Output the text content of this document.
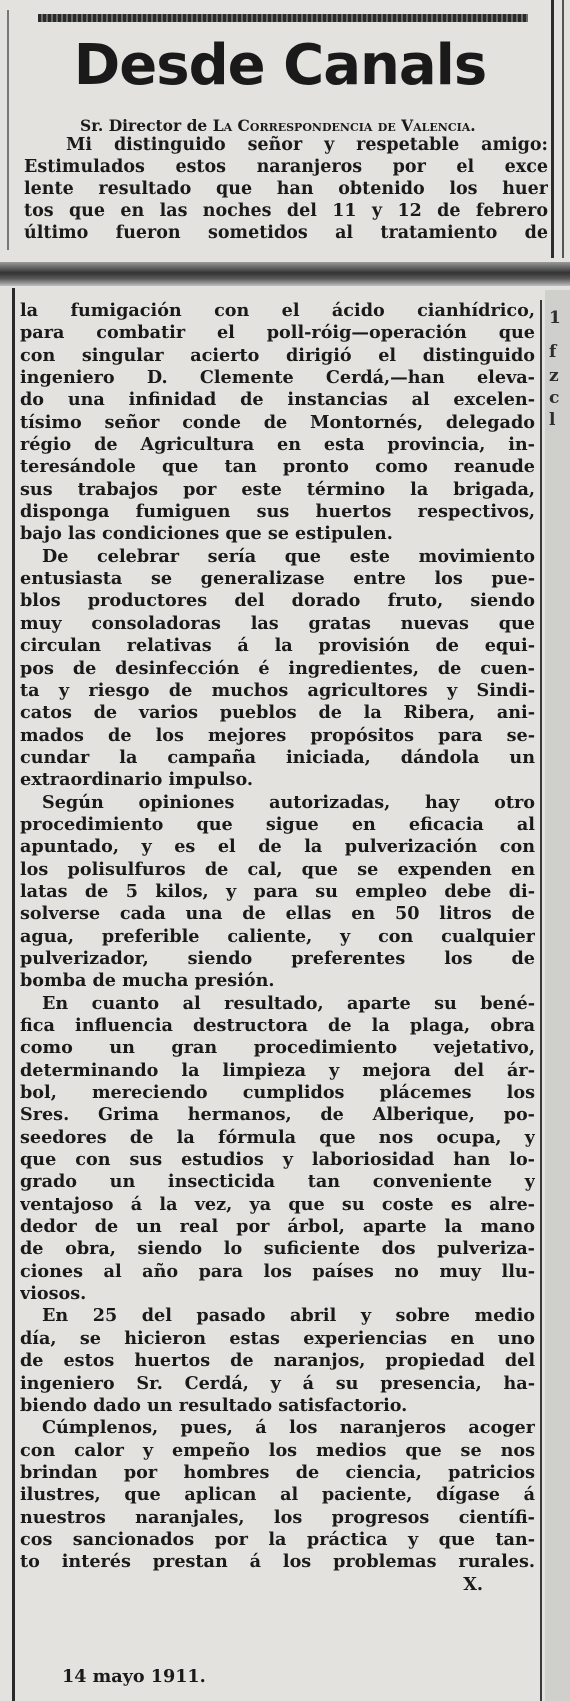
Desde Canals
Sr. Director de La Correspondencia de Valencia.
Mi distinguido señor y respetable amigo:
Estimulados estos naranjeros por el exce
lente resultado que han obtenido los huer
tos que en las noches del 11 y 12 de febrero
último fueron sometidos al tratamiento de
1
f
z
c
l
la fumigación con el ácido cianhídrico,
para combatir el poll-róig—operación que
con singular acierto dirigió el distinguido
ingeniero D. Clemente Cerdá,—han eleva-
do una infinidad de instancias al excelen-
tísimo señor conde de Montornés, delegado
régio de Agricultura en esta provincia, in-
teresándole que tan pronto como reanude
sus trabajos por este término la brigada,
disponga fumiguen sus huertos respectivos,
bajo las condiciones que se estipulen.
De celebrar sería que este movimiento
entusiasta se generalizase entre los pue-
blos productores del dorado fruto, siendo
muy consoladoras las gratas nuevas que
circulan relativas á la provisión de equi-
pos de desinfección é ingredientes, de cuen-
ta y riesgo de muchos agricultores y Sindi-
catos de varios pueblos de la Ribera, ani-
mados de los mejores propósitos para se-
cundar la campaña iniciada, dándola un
extraordinario impulso.
Según opiniones autorizadas, hay otro
procedimiento que sigue en eficacia al
apuntado, y es el de la pulverización con
los polisulfuros de cal, que se expenden en
latas de 5 kilos, y para su empleo debe di-
solverse cada una de ellas en 50 litros de
agua, preferible caliente, y con cualquier
pulverizador, siendo preferentes los de
bomba de mucha presión.
En cuanto al resultado, aparte su bené-
fica influencia destructora de la plaga, obra
como un gran procedimiento vejetativo,
determinando la limpieza y mejora del ár-
bol, mereciendo cumplidos plácemes los
Sres. Grima hermanos, de Alberique, po-
seedores de la fórmula que nos ocupa, y
que con sus estudios y laboriosidad han lo-
grado un insecticida tan conveniente y
ventajoso á la vez, ya que su coste es alre-
dedor de un real por árbol, aparte la mano
de obra, siendo lo suficiente dos pulveriza-
ciones al año para los países no muy llu-
viosos.
En 25 del pasado abril y sobre medio
día, se hicieron estas experiencias en uno
de estos huertos de naranjos, propiedad del
ingeniero Sr. Cerdá, y á su presencia, ha-
biendo dado un resultado satisfactorio.
Cúmplenos, pues, á los naranjeros acoger
con calor y empeño los medios que se nos
brindan por hombres de ciencia, patricios
ilustres, que aplican al paciente, dígase á
nuestros naranjales, los progresos científi-
cos sancionados por la práctica y que tan-
to interés prestan á los problemas rurales.
X.
14 mayo 1911.
